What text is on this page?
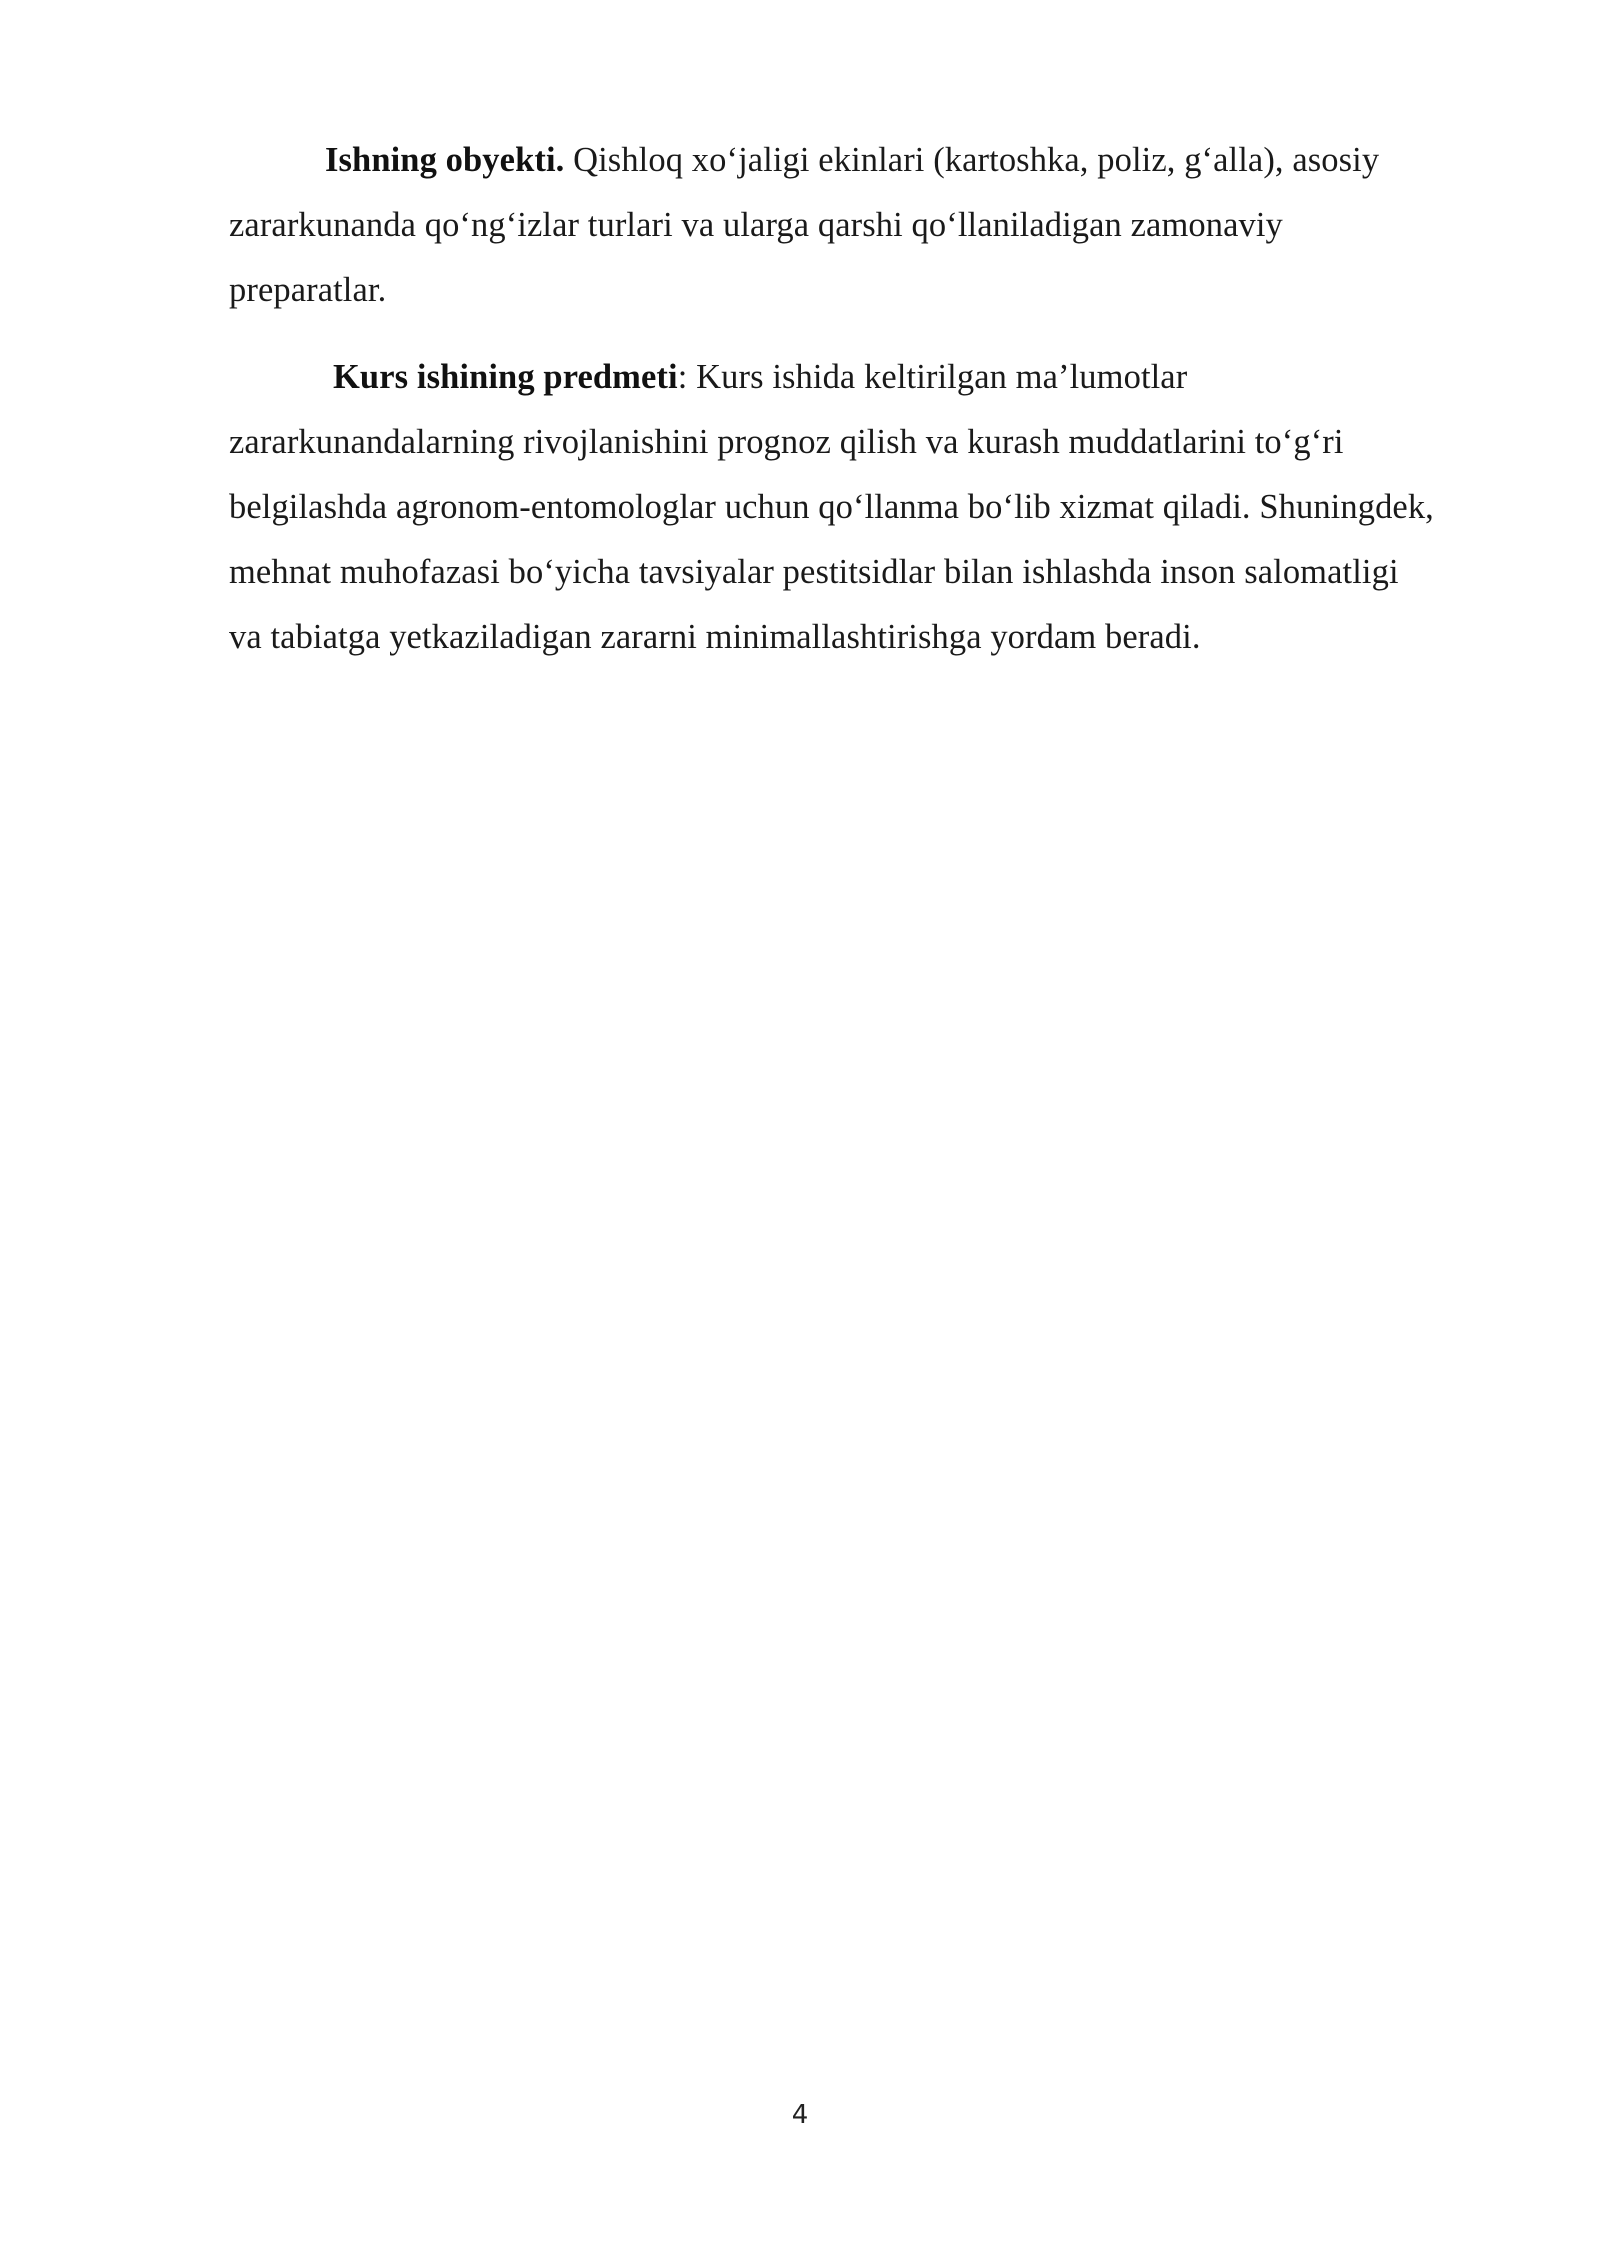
Ishning obyekti. Qishloq xo‘jaligi ekinlari (kartoshka, poliz, g‘alla), asosiy zararkunanda qo‘ng‘izlar turlari va ularga qarshi qo‘llaniladigan zamonaviy preparatlar.

Kurs ishining predmeti: Kurs ishida keltirilgan ma’lumotlar zararkunandalarning rivojlanishini prognoz qilish va kurash muddatlarini to‘g‘ri belgilashda agronom-entomologlar uchun qo‘llanma bo‘lib xizmat qiladi. Shuningdek, mehnat muhofazasi bo‘yicha tavsiyalar pestitsidlar bilan ishlashda inson salomatligi va tabiatga yetkaziladigan zararni minimallashtirishga yordam beradi.

4
